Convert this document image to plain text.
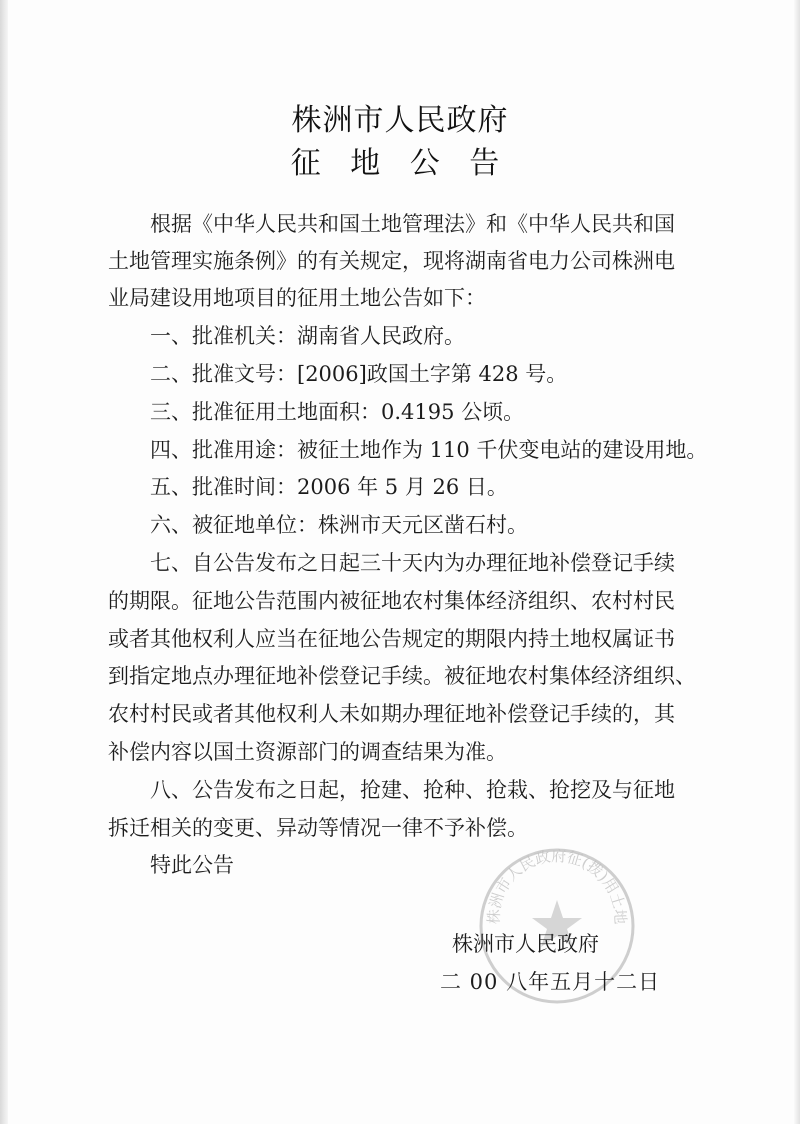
株洲市人民政府
征 地 公 告
根据《中华人民共和国土地管理法》和《中华人民共和国
土地管理实施条例》的有关规定，现将湖南省电力公司株洲电
业局建设用地项目的征用土地公告如下：
一、批准机关：湖南省人民政府。
二、批准文号：[2006]政国土字第 428 号。
三、批准征用土地面积：0.4195 公顷。
四、批准用途：被征土地作为 110 千伏变电站的建设用地。
五、批准时间：2006 年 5 月 26 日。
六、被征地单位：株洲市天元区凿石村。
七、自公告发布之日起三十天内为办理征地补偿登记手续
的期限。征地公告范围内被征地农村集体经济组织、农村村民
或者其他权利人应当在征地公告规定的期限内持土地权属证书
到指定地点办理征地补偿登记手续。被征地农村集体经济组织、
农村村民或者其他权利人未如期办理征地补偿登记手续的，其
补偿内容以国土资源部门的调查结果为准。
八、公告发布之日起，抢建、抢种、抢栽、抢挖及与征地
拆迁相关的变更、异动等情况一律不予补偿。
特此公告
株洲市人民政府征(拨)用土地
株洲市人民政府
二 00 八年五月十二日
